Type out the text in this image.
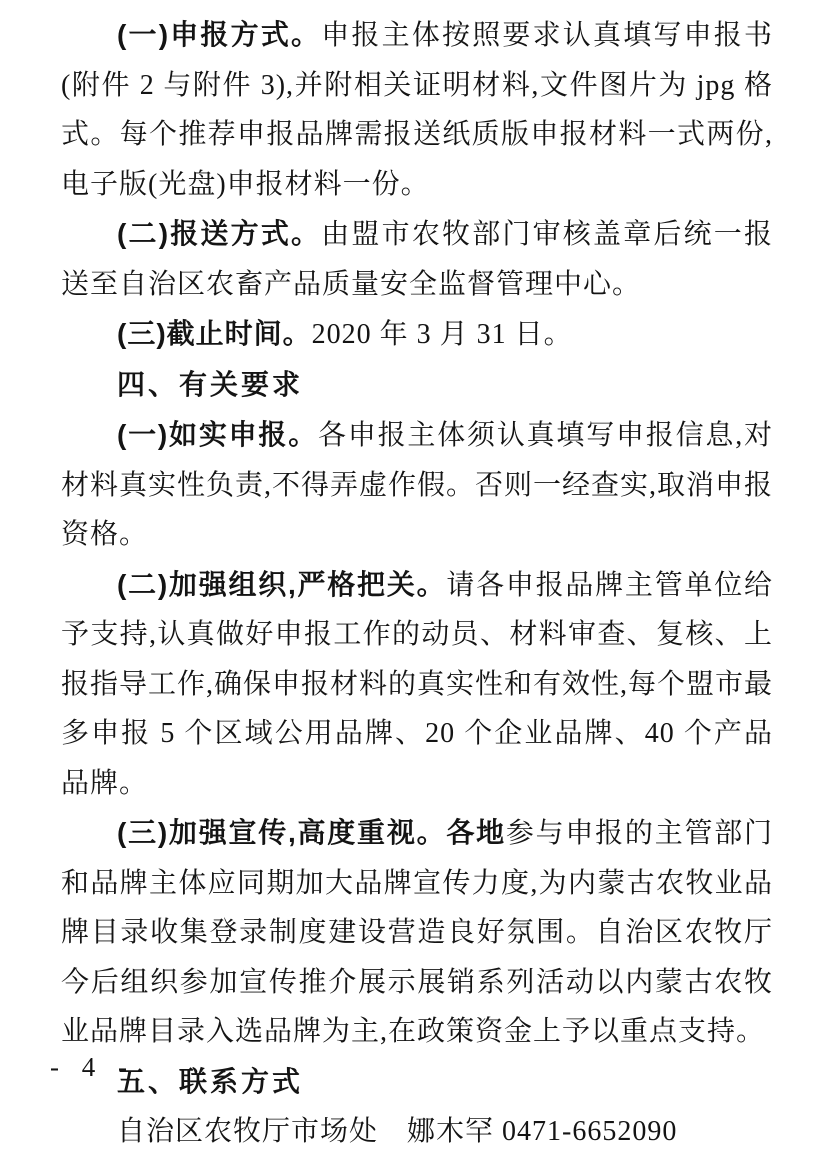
(一)申报方式。申报主体按照要求认真填写申报书(附件 2 与附件 3),并附相关证明材料,文件图片为 jpg 格式。每个推荐申报品牌需报送纸质版申报材料一式两份,电子版(光盘)申报材料一份。

(二)报送方式。由盟市农牧部门审核盖章后统一报送至自治区农畜产品质量安全监督管理中心。

(三)截止时间。2020 年 3 月 31 日。

四、有关要求

(一)如实申报。各申报主体须认真填写申报信息,对材料真实性负责,不得弄虚作假。否则一经查实,取消申报资格。

(二)加强组织,严格把关。请各申报品牌主管单位给予支持,认真做好申报工作的动员、材料审查、复核、上报指导工作,确保申报材料的真实性和有效性,每个盟市最多申报 5 个区域公用品牌、20 个企业品牌、40 个产品品牌。

(三)加强宣传,高度重视。各地参与申报的主管部门和品牌主体应同期加大品牌宣传力度,为内蒙古农牧业品牌目录收集登录制度建设营造良好氛围。自治区农牧厅今后组织参加宣传推介展示展销系列活动以内蒙古农牧业品牌目录入选品牌为主,在政策资金上予以重点支持。

五、联系方式

自治区农牧厅市场处　娜木罕 0471-6652090

- 4 -
